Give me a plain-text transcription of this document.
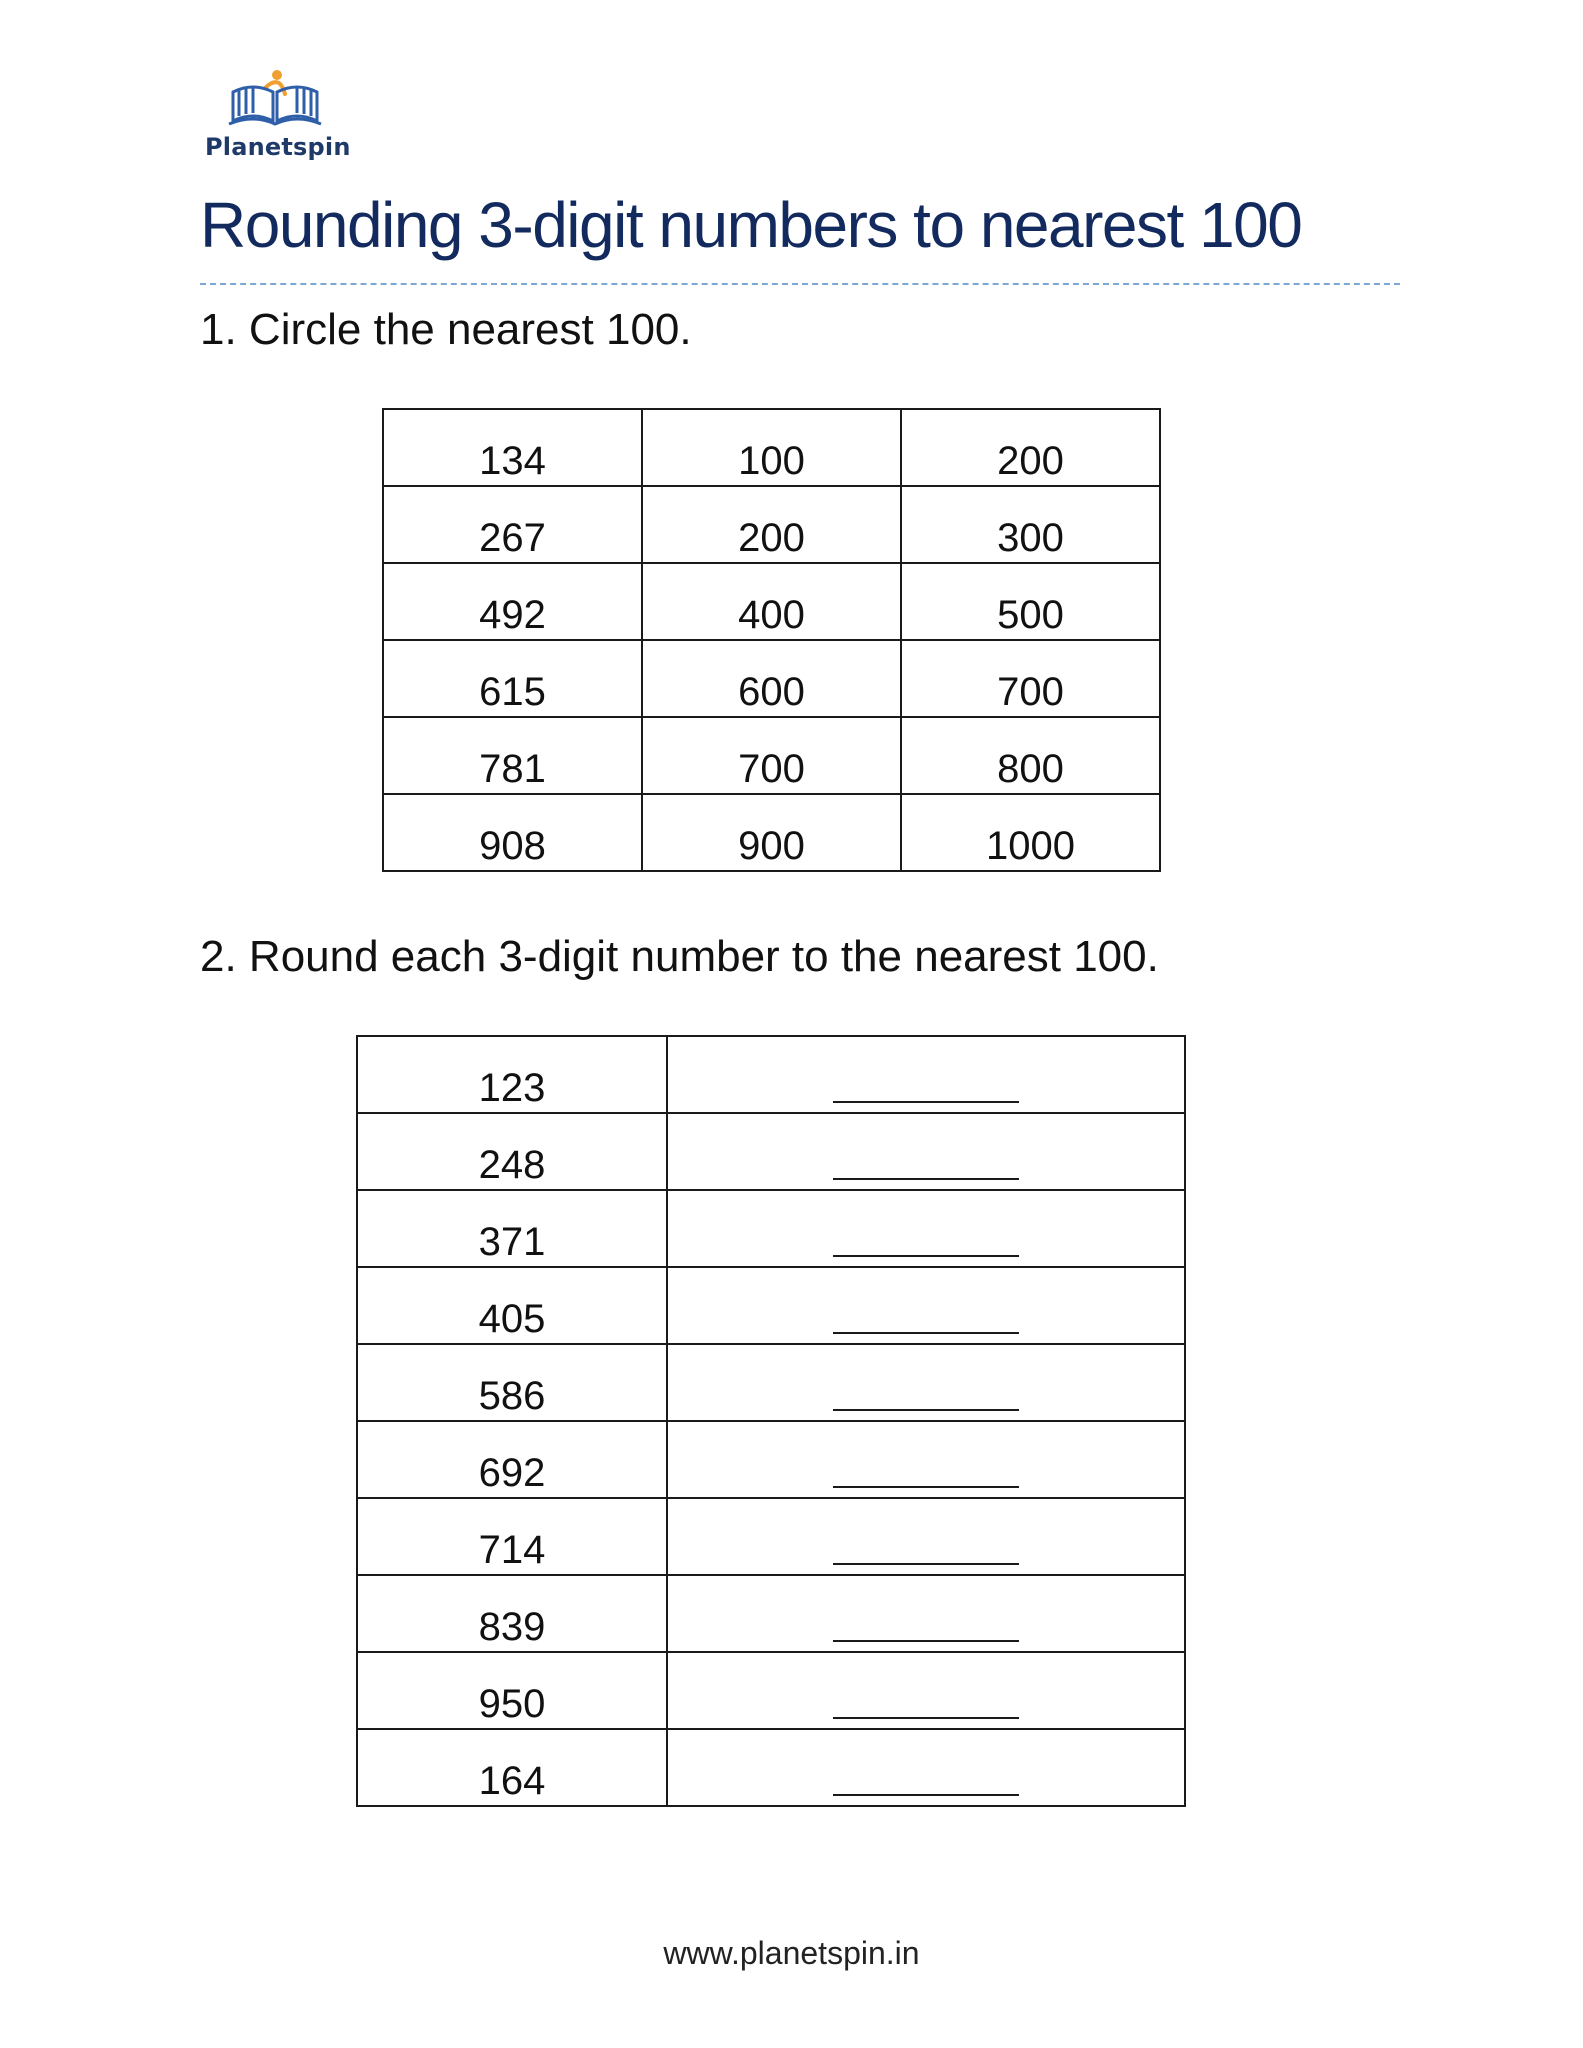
Planetspin
Rounding 3-digit numbers to nearest 100
1. Circle the nearest 100.
134	100	200
267	200	300
492	400	500
615	600	700
781	700	800
908	900	1000
2. Round each 3-digit number to the nearest 100.
123	
248	
371	
405	
586	
692	
714	
839	
950	
164	
www.planetspin.in
